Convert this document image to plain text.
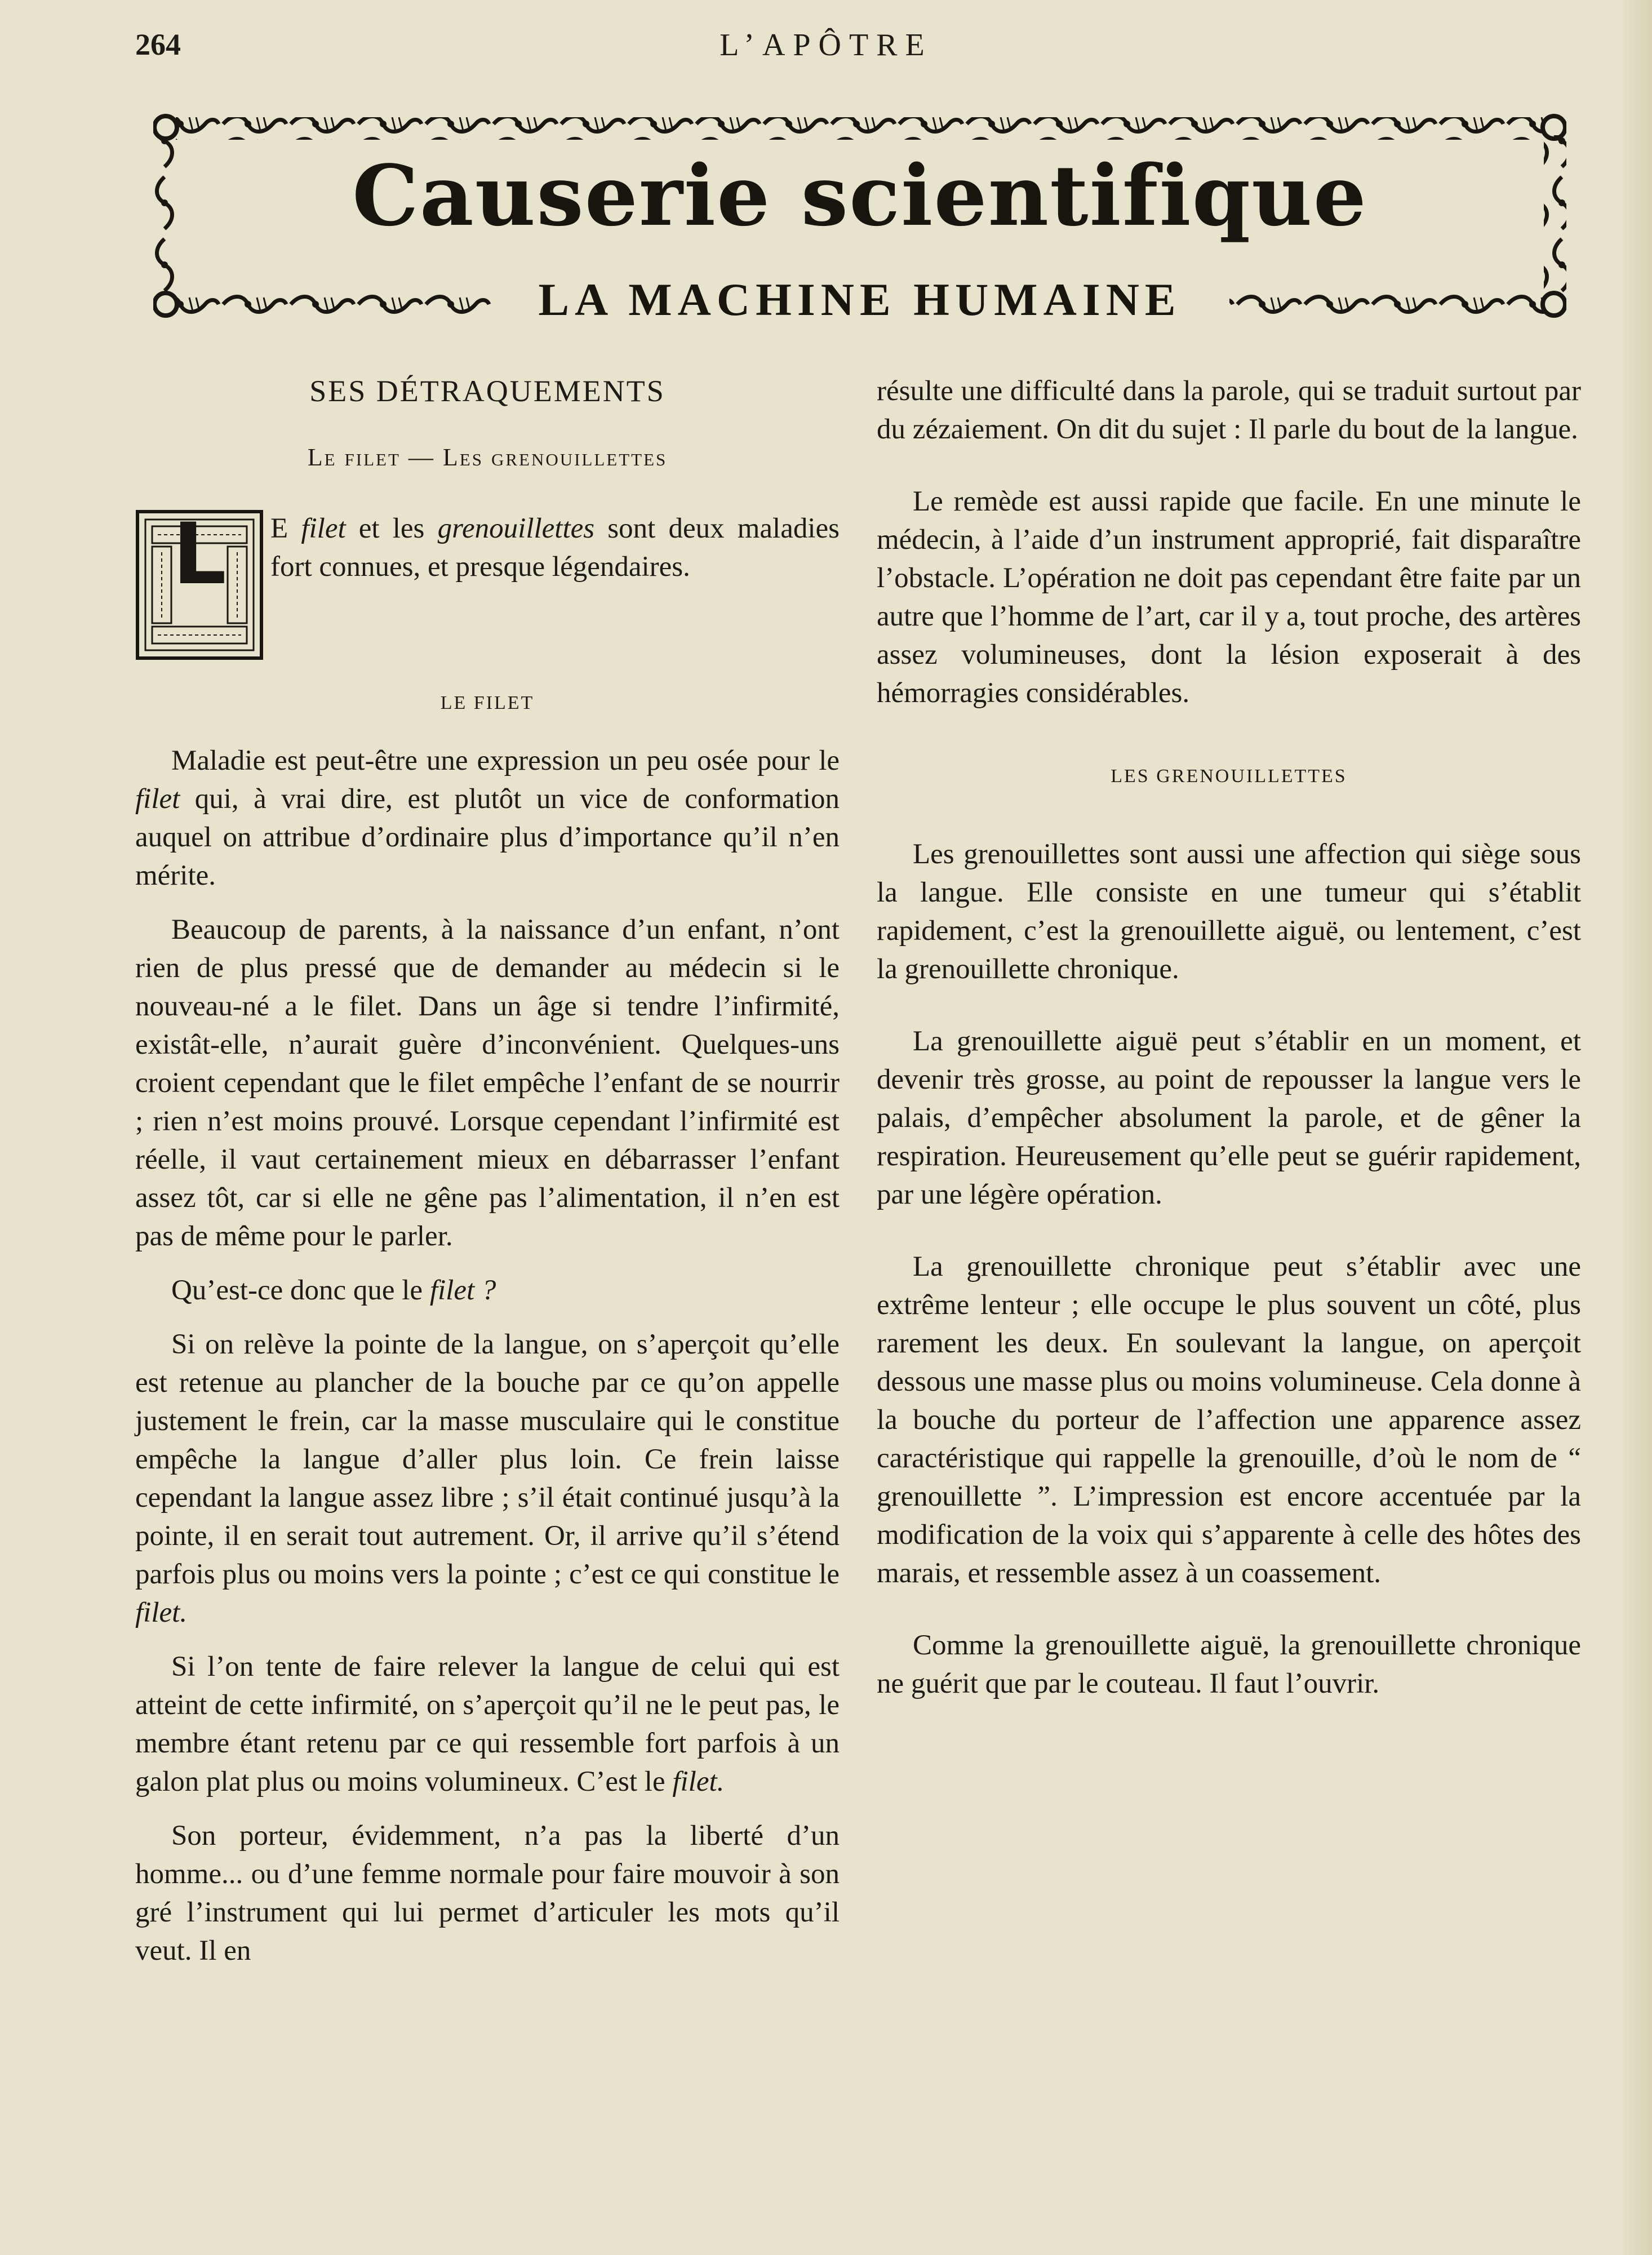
264	L’APÔTRE
Causerie scientifique
LA MACHINE HUMAINE
SES DÉTRAQUEMENTS
Le filet — Les grenouillettes
L	E filet et les grenouillettes sont deux maladies fort connues, et presque légendaires.
LE FILET

Maladie est peut-être une expression un peu osée pour le filet qui, à vrai dire, est plutôt un vice de conformation auquel on attribue d’ordinaire plus d’importance qu’il n’en mérite.

Beaucoup de parents, à la naissance d’un enfant, n’ont rien de plus pressé que de demander au médecin si le nouveau-né a le filet. Dans un âge si tendre l’infirmité, existât-elle, n’aurait guère d’inconvénient. Quelques-uns croient cependant que le filet empêche l’enfant de se nourrir ; rien n’est moins prouvé. Lorsque cependant l’infirmité est réelle, il vaut certainement mieux en débarrasser l’enfant assez tôt, car si elle ne gêne pas l’alimentation, il n’en est pas de même pour le parler.

Qu’est-ce donc que le filet ?

Si on relève la pointe de la langue, on s’aperçoit qu’elle est retenue au plancher de la bouche par ce qu’on appelle justement le frein, car la masse musculaire qui le constitue empêche la langue d’aller plus loin. Ce frein laisse cependant la langue assez libre ; s’il était continué jusqu’à la pointe, il en serait tout autrement. Or, il arrive qu’il s’étend parfois plus ou moins vers la pointe ; c’est ce qui constitue le filet.

Si l’on tente de faire relever la langue de celui qui est atteint de cette infirmité, on s’aperçoit qu’il ne le peut pas, le membre étant retenu par ce qui ressemble fort parfois à un galon plat plus ou moins volumineux. C’est le filet.

Son porteur, évidemment, n’a pas la liberté d’un homme... ou d’une femme normale pour faire mouvoir à son gré l’instrument qui lui permet d’articuler les mots qu’il veut. Il en

résulte une difficulté dans la parole, qui se traduit surtout par du zézaiement. On dit du sujet : Il parle du bout de la langue.

Le remède est aussi rapide que facile. En une minute le médecin, à l’aide d’un instrument approprié, fait disparaître l’obstacle. L’opération ne doit pas cependant être faite par un autre que l’homme de l’art, car il y a, tout proche, des artères assez volumineuses, dont la lésion exposerait à des hémorragies considérables.

LES GRENOUILLETTES

Les grenouillettes sont aussi une affection qui siège sous la langue. Elle consiste en une tumeur qui s’établit rapidement, c’est la grenouillette aiguë, ou lentement, c’est la grenouillette chronique.

La grenouillette aiguë peut s’établir en un moment, et devenir très grosse, au point de repousser la langue vers le palais, d’empêcher absolument la parole, et de gêner la respiration. Heureusement qu’elle peut se guérir rapidement, par une légère opération.

La grenouillette chronique peut s’établir avec une extrême lenteur ; elle occupe le plus souvent un côté, plus rarement les deux. En soulevant la langue, on aperçoit dessous une masse plus ou moins volumineuse. Cela donne à la bouche du porteur de l’affection une apparence assez caractéristique qui rappelle la grenouille, d’où le nom de “ grenouillette ”. L’impression est encore accentuée par la modification de la voix qui s’apparente à celle des hôtes des marais, et ressemble assez à un coassement.

Comme la grenouillette aiguë, la grenouillette chronique ne guérit que par le couteau. Il faut l’ouvrir.
